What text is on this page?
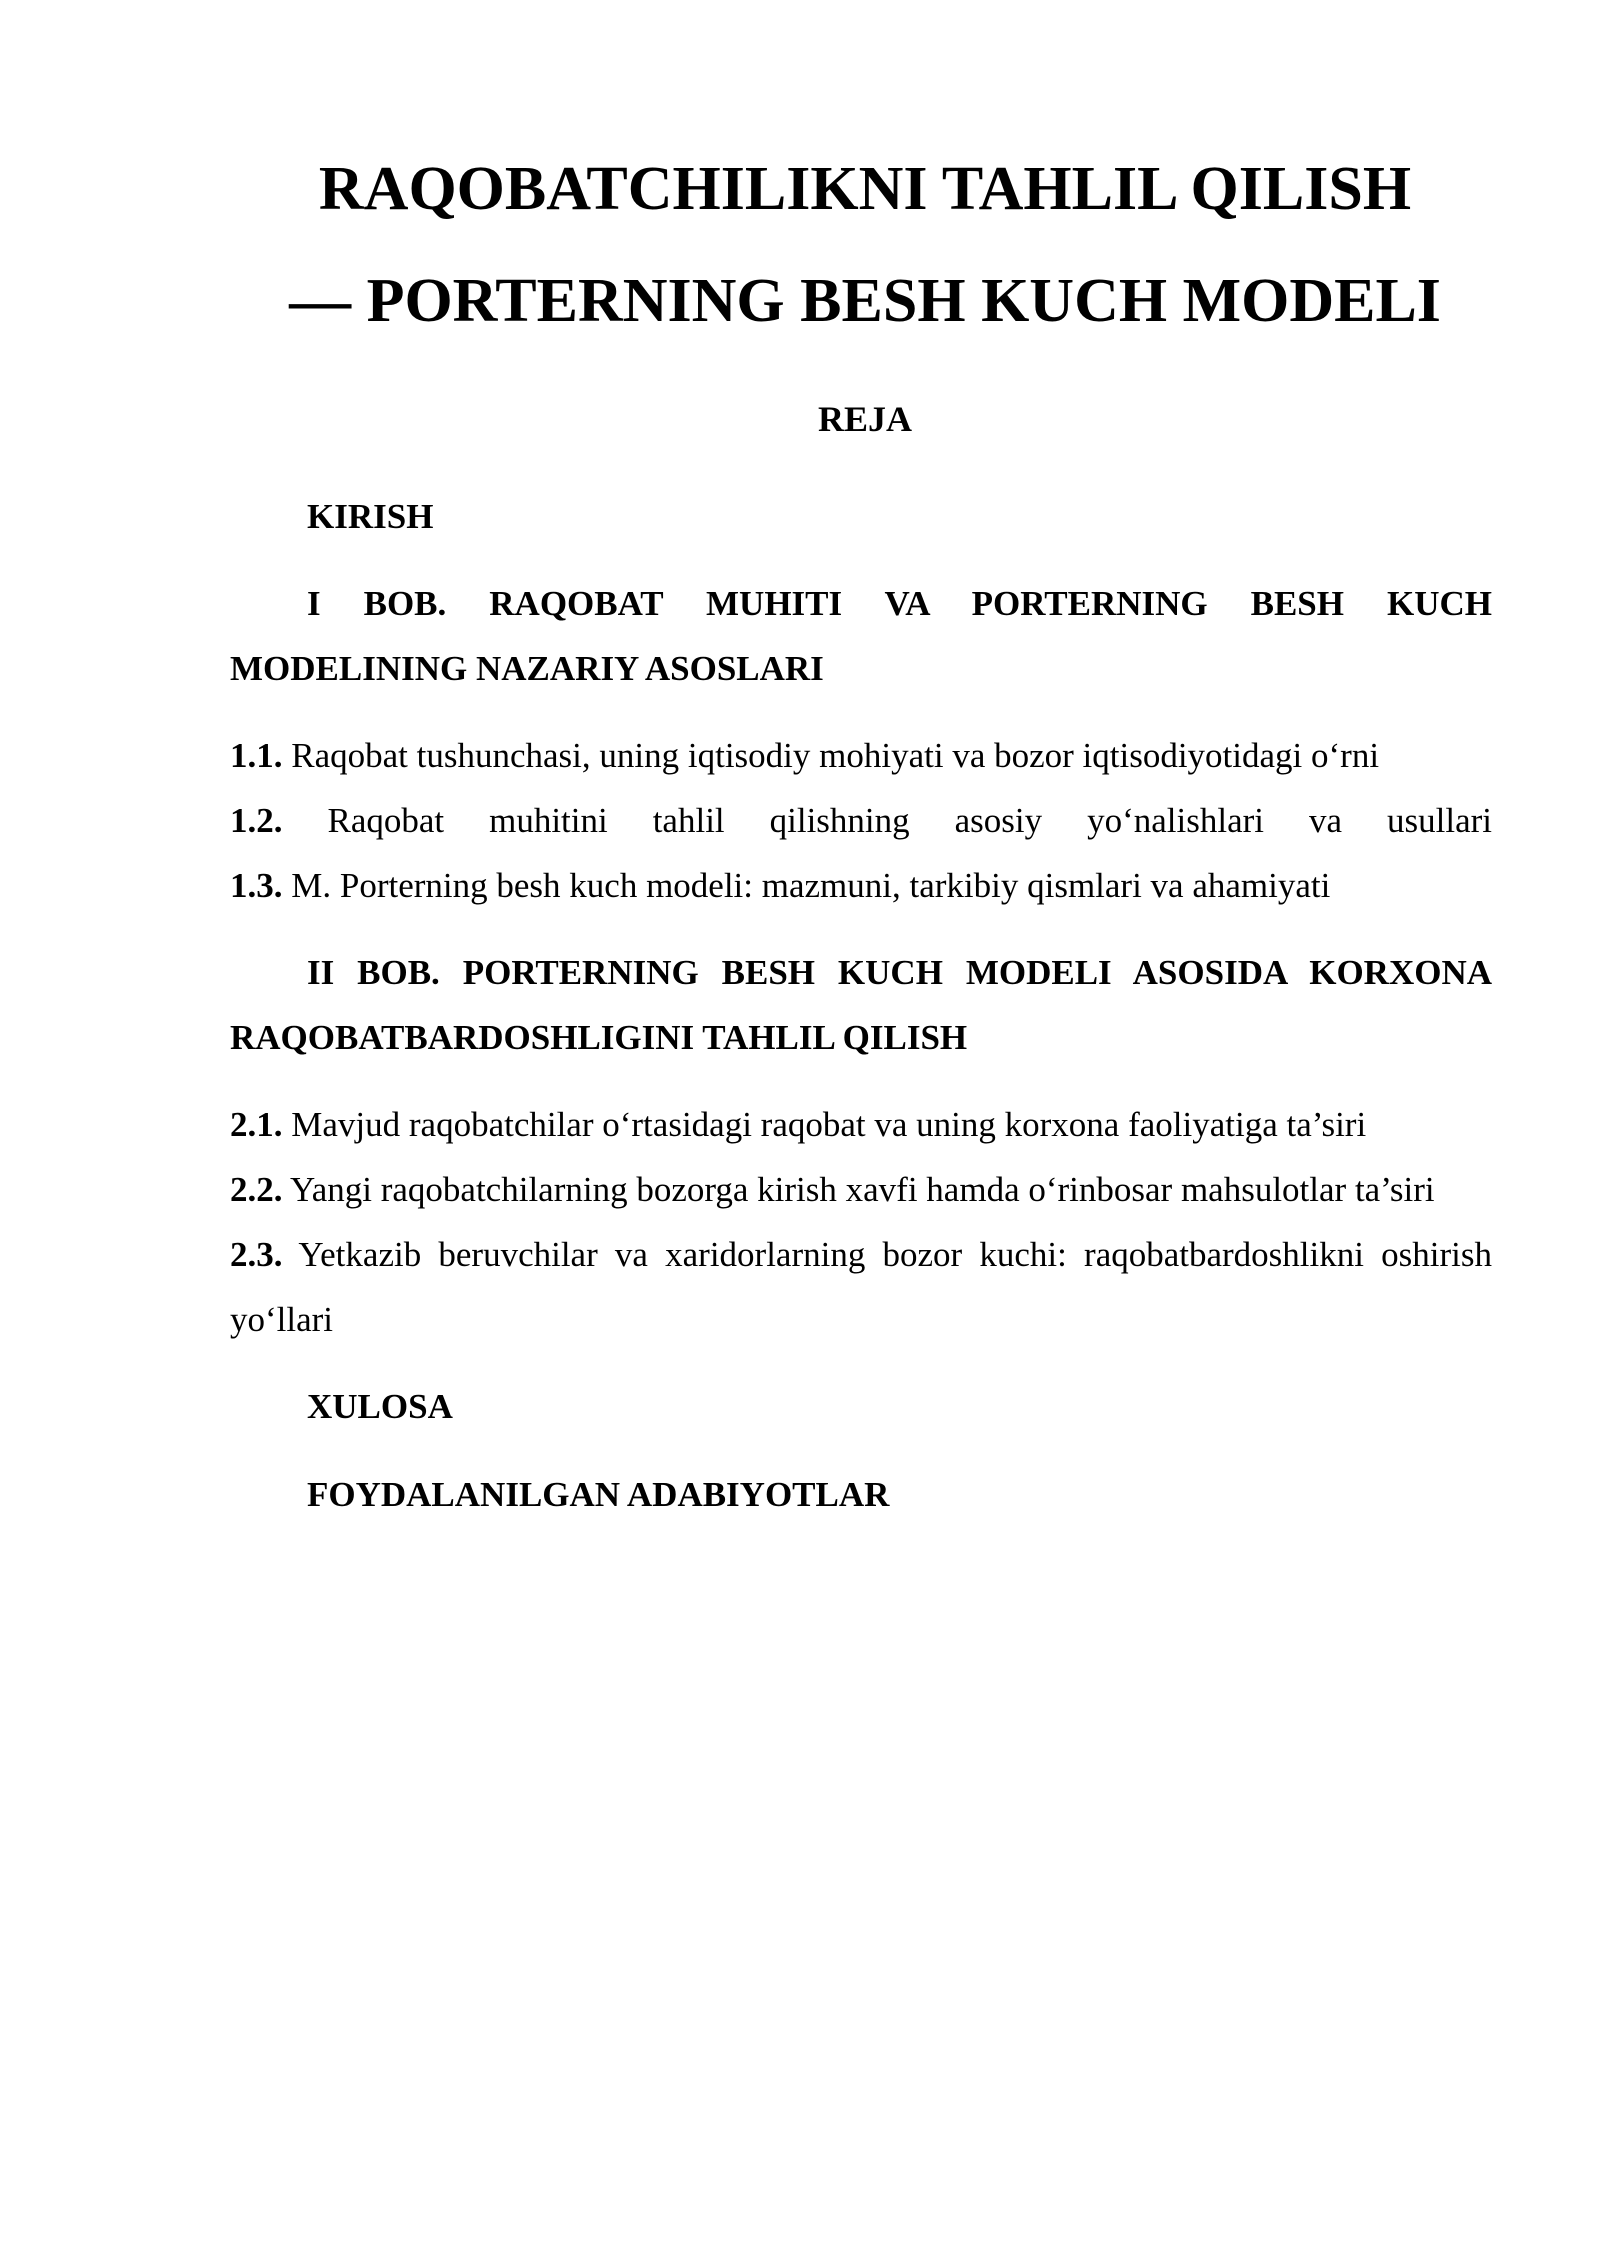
RAQOBATCHILIKNI TAHLIL QILISH
— PORTERNING BESH KUCH MODELI
REJA

KIRISH

I BOB. RAQOBAT MUHITI VA PORTERNING BESH KUCH MODELINING NAZARIY ASOSLARI

1.1. Raqobat tushunchasi, uning iqtisodiy mohiyati va bozor iqtisodiyotidagi o‘rni

1.2. Raqobat muhitini tahlil qilishning asosiy yo‘nalishlari va usullari

1.3. M. Porterning besh kuch modeli: mazmuni, tarkibiy qismlari va ahamiyati

II BOB. PORTERNING BESH KUCH MODELI ASOSIDA KORXONA RAQOBATBARDOSHLIGINI TAHLIL QILISH

2.1. Mavjud raqobatchilar o‘rtasidagi raqobat va uning korxona faoliyatiga ta’siri

2.2. Yangi raqobatchilarning bozorga kirish xavfi hamda o‘rinbosar mahsulotlar ta’siri

2.3. Yetkazib beruvchilar va xaridorlarning bozor kuchi: raqobatbardoshlikni oshirish yo‘llari

XULOSA

FOYDALANILGAN ADABIYOTLAR
